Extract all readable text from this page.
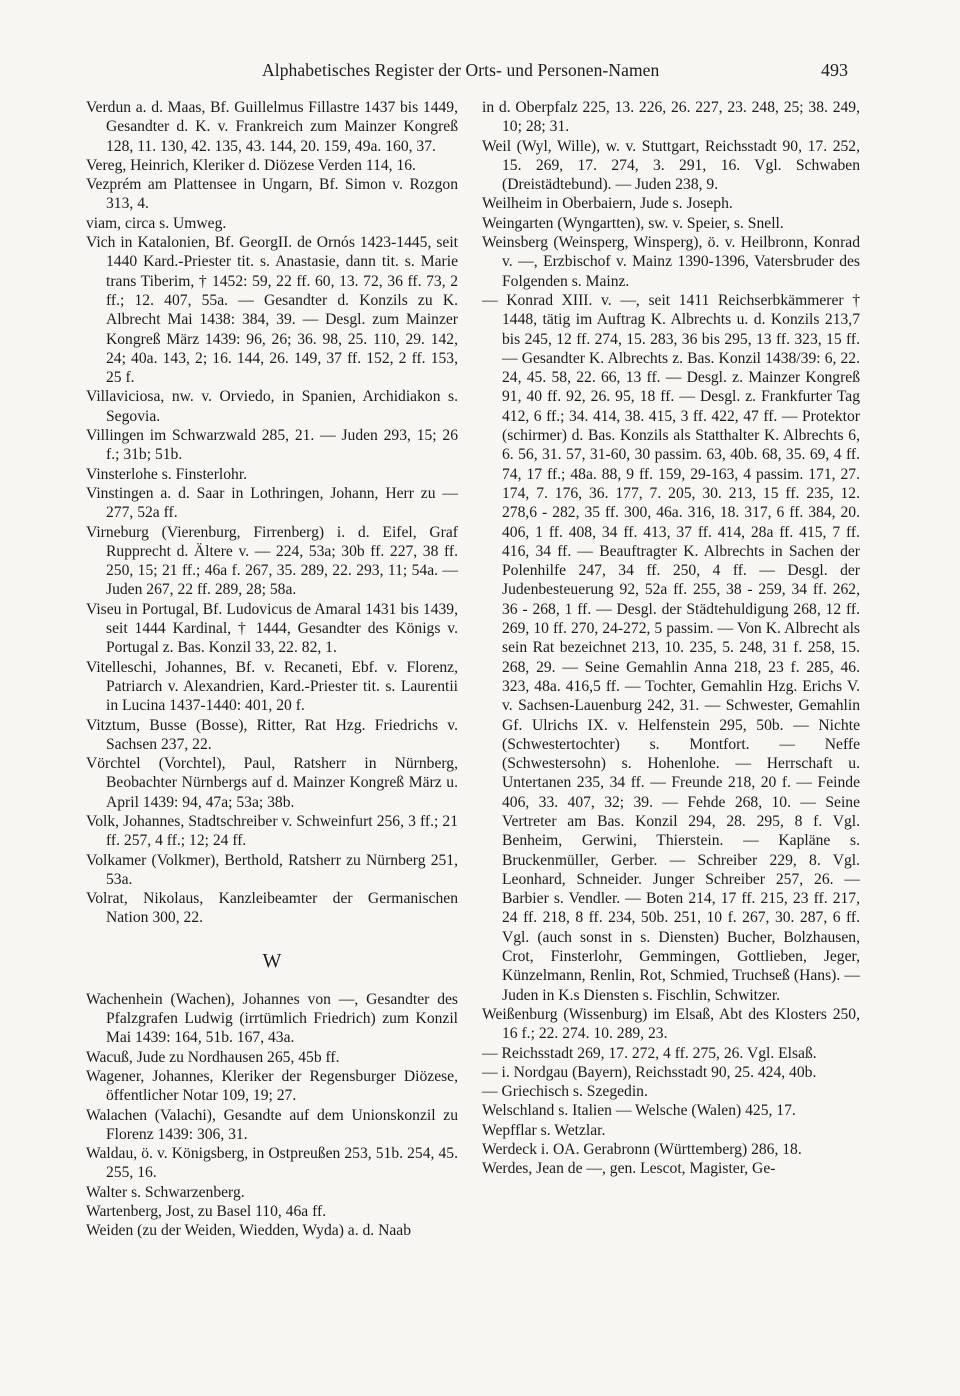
Alphabetisches Register der Orts- und Personen-Namen	493

Verdun a. d. Maas, Bf. Guillelmus Fillastre 1437 bis 1449, Gesandter d. K. v. Frankreich zum Mainzer Kongreß 128, 11. 130, 42. 135, 43. 144, 20. 159, 49a. 160, 37.

Vereg, Heinrich, Kleriker d. Diözese Verden 114, 16.

Vezprém am Plattensee in Ungarn, Bf. Simon v. Rozgon 313, 4.

viam, circa s. Umweg.

Vich in Katalonien, Bf. GeorgII. de Ornós 1423-1445, seit 1440 Kard.-Priester tit. s. Anastasie, dann tit. s. Marie trans Tiberim, † 1452: 59, 22 ff. 60, 13. 72, 36 ff. 73, 2 ff.; 12. 407, 55a. — Gesandter d. Konzils zu K. Albrecht Mai 1438: 384, 39. — Desgl. zum Mainzer Kongreß März 1439: 96, 26; 36. 98, 25. 110, 29. 142, 24; 40a. 143, 2; 16. 144, 26. 149, 37 ff. 152, 2 ff. 153, 25 f.

Villaviciosa, nw. v. Orviedo, in Spanien, Archidiakon s. Segovia.

Villingen im Schwarzwald 285, 21. — Juden 293, 15; 26 f.; 31b; 51b.

Vinsterlohe s. Finsterlohr.

Vinstingen a. d. Saar in Lothringen, Johann, Herr zu — 277, 52a ff.

Virneburg (Vierenburg, Firrenberg) i. d. Eifel, Graf Rupprecht d. Ältere v. — 224, 53a; 30b ff. 227, 38 ff. 250, 15; 21 ff.; 46a f. 267, 35. 289, 22. 293, 11; 54a. — Juden 267, 22 ff. 289, 28; 58a.

Viseu in Portugal, Bf. Ludovicus de Amaral 1431 bis 1439, seit 1444 Kardinal, † 1444, Gesandter des Königs v. Portugal z. Bas. Konzil 33, 22. 82, 1.

Vitelleschi, Johannes, Bf. v. Recaneti, Ebf. v. Florenz, Patriarch v. Alexandrien, Kard.-Priester tit. s. Laurentii in Lucina 1437-1440: 401, 20 f.

Vitztum, Busse (Bosse), Ritter, Rat Hzg. Friedrichs v. Sachsen 237, 22.

Vörchtel (Vorchtel), Paul, Ratsherr in Nürnberg, Beobachter Nürnbergs auf d. Mainzer Kongreß März u. April 1439: 94, 47a; 53a; 38b.

Volk, Johannes, Stadtschreiber v. Schweinfurt 256, 3 ff.; 21 ff. 257, 4 ff.; 12; 24 ff.

Volkamer (Volkmer), Berthold, Ratsherr zu Nürnberg 251, 53a.

Volrat, Nikolaus, Kanzleibeamter der Germanischen Nation 300, 22.

W

Wachenhein (Wachen), Johannes von —, Gesandter des Pfalzgrafen Ludwig (irrtümlich Friedrich) zum Konzil Mai 1439: 164, 51b. 167, 43a.

Wacuß, Jude zu Nordhausen 265, 45b ff.

Wagener, Johannes, Kleriker der Regensburger Diözese, öffentlicher Notar 109, 19; 27.

Walachen (Valachi), Gesandte auf dem Unionskonzil zu Florenz 1439: 306, 31.

Waldau, ö. v. Königsberg, in Ostpreußen 253, 51b. 254, 45. 255, 16.

Walter s. Schwarzenberg.

Wartenberg, Jost, zu Basel 110, 46a ff.

Weiden (zu der Weiden, Wiedden, Wyda) a. d. Naab

in d. Oberpfalz 225, 13. 226, 26. 227, 23. 248, 25; 38. 249, 10; 28; 31.

Weil (Wyl, Wille), w. v. Stuttgart, Reichsstadt 90, 17. 252, 15. 269, 17. 274, 3. 291, 16. Vgl. Schwaben (Dreistädtebund). — Juden 238, 9.

Weilheim in Oberbaiern, Jude s. Joseph.

Weingarten (Wyngartten), sw. v. Speier, s. Snell.

Weinsberg (Weinsperg, Winsperg), ö. v. Heilbronn, Konrad v. —, Erzbischof v. Mainz 1390-1396, Vatersbruder des Folgenden s. Mainz.

— Konrad XIII. v. —, seit 1411 Reichserbkämmerer † 1448, tätig im Auftrag K. Albrechts u. d. Konzils 213,7 bis 245, 12 ff. 274, 15. 283, 36 bis 295, 13 ff. 323, 15 ff. — Gesandter K. Albrechts z. Bas. Konzil 1438/39: 6, 22. 24, 45. 58, 22. 66, 13 ff. — Desgl. z. Mainzer Kongreß 91, 40 ff. 92, 26. 95, 18 ff. — Desgl. z. Frankfurter Tag 412, 6 ff.; 34. 414, 38. 415, 3 ff. 422, 47 ff. — Protektor (schirmer) d. Bas. Konzils als Statthalter K. Albrechts 6, 6. 56, 31. 57, 31-60, 30 passim. 63, 40b. 68, 35. 69, 4 ff. 74, 17 ff.; 48a. 88, 9 ff. 159, 29-163, 4 passim. 171, 27. 174, 7. 176, 36. 177, 7. 205, 30. 213, 15 ff. 235, 12. 278,6 - 282, 35 ff. 300, 46a. 316, 18. 317, 6 ff. 384, 20. 406, 1 ff. 408, 34 ff. 413, 37 ff. 414, 28a ff. 415, 7 ff. 416, 34 ff. — Beauftragter K. Albrechts in Sachen der Polenhilfe 247, 34 ff. 250, 4 ff. — Desgl. der Judenbesteuerung 92, 52a ff. 255, 38 - 259, 34 ff. 262, 36 - 268, 1 ff. — Desgl. der Städtehuldigung 268, 12 ff. 269, 10 ff. 270, 24-272, 5 passim. — Von K. Albrecht als sein Rat bezeichnet 213, 10. 235, 5. 248, 31 f. 258, 15. 268, 29. — Seine Gemahlin Anna 218, 23 f. 285, 46. 323, 48a. 416,5 ff. — Tochter, Gemahlin Hzg. Erichs V. v. Sachsen-Lauenburg 242, 31. — Schwester, Gemahlin Gf. Ulrichs IX. v. Helfenstein 295, 50b. — Nichte (Schwestertochter) s. Montfort. — Neffe (Schwestersohn) s. Hohenlohe. — Herrschaft u. Untertanen 235, 34 ff. — Freunde 218, 20 f. — Feinde 406, 33. 407, 32; 39. — Fehde 268, 10. — Seine Vertreter am Bas. Konzil 294, 28. 295, 8 f. Vgl. Benheim, Gerwini, Thierstein. — Kapläne s. Bruckenmüller, Gerber. — Schreiber 229, 8. Vgl. Leonhard, Schneider. Junger Schreiber 257, 26. — Barbier s. Vendler. — Boten 214, 17 ff. 215, 23 ff. 217, 24 ff. 218, 8 ff. 234, 50b. 251, 10 f. 267, 30. 287, 6 ff. Vgl. (auch sonst in s. Diensten) Bucher, Bolzhausen, Crot, Finsterlohr, Gemmingen, Gottlieben, Jeger, Künzelmann, Renlin, Rot, Schmied, Truchseß (Hans). — Juden in K.s Diensten s. Fischlin, Schwitzer.

Weißenburg (Wissenburg) im Elsaß, Abt des Klosters 250, 16 f.; 22. 274. 10. 289, 23.

— Reichsstadt 269, 17. 272, 4 ff. 275, 26. Vgl. Elsaß.

— i. Nordgau (Bayern), Reichsstadt 90, 25. 424, 40b.

— Griechisch s. Szegedin.

Welschland s. Italien — Welsche (Walen) 425, 17.

Wepfflar s. Wetzlar.

Werdeck i. OA. Gerabronn (Württemberg) 286, 18.

Werdes, Jean de —, gen. Lescot, Magister, Ge-
